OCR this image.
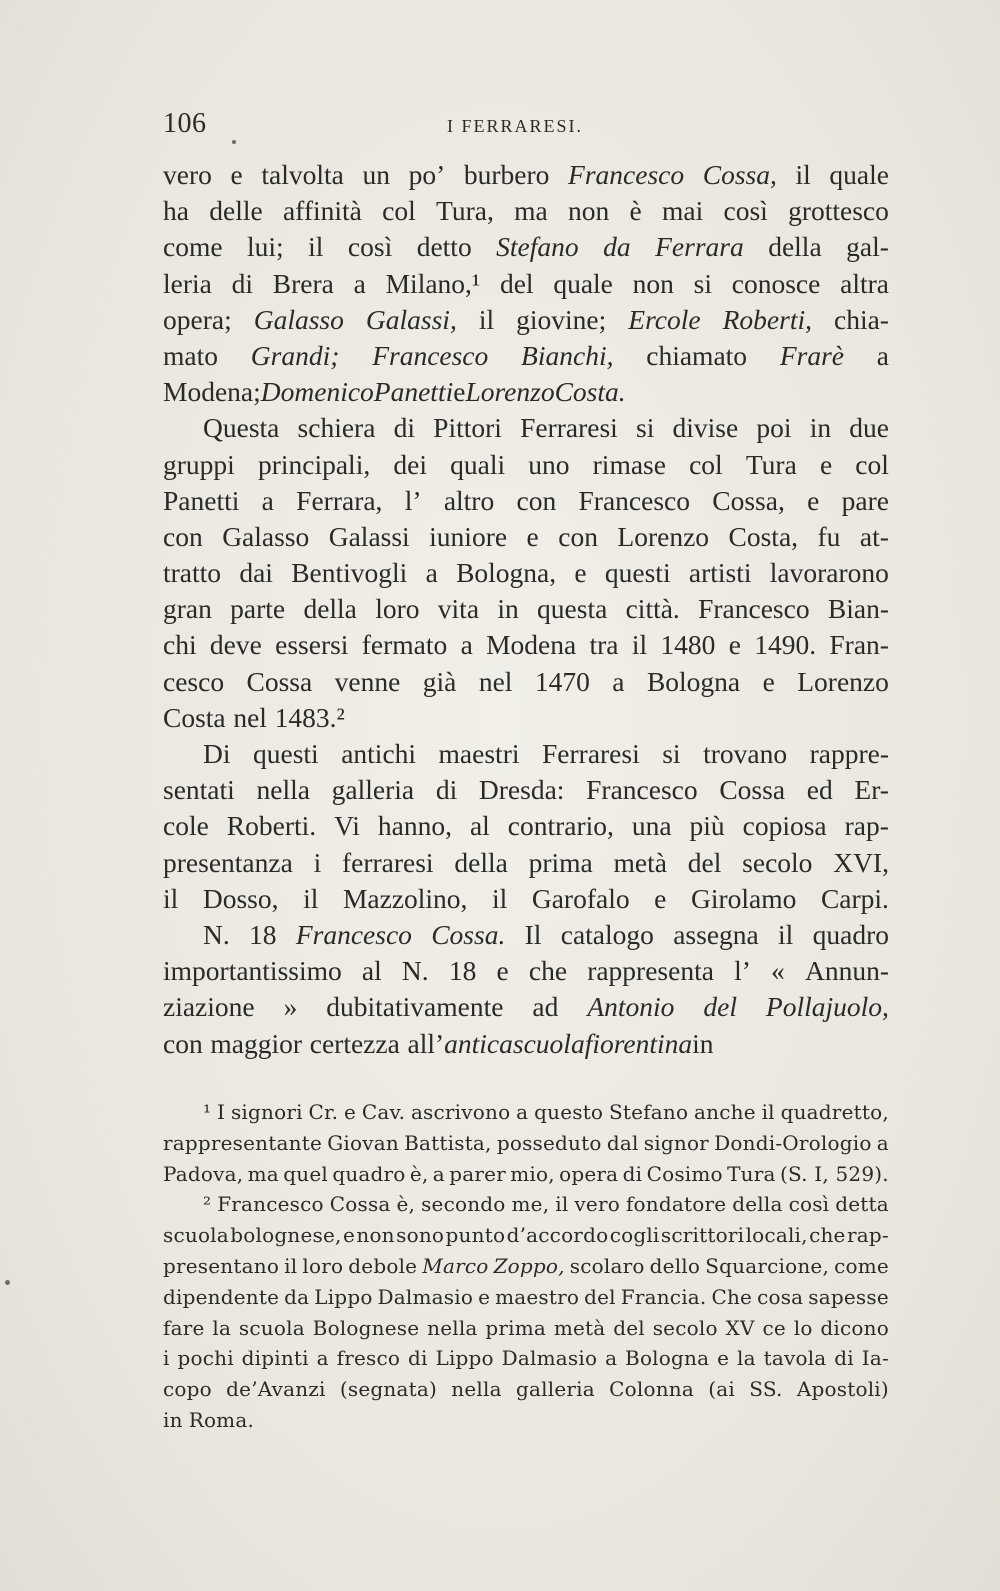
106	I FERRARESI.
vero e talvolta un po’ burbero Francesco Cossa, il quale
ha delle affinità col Tura, ma non è mai così grottesco
come lui; il così detto Stefano da Ferrara della gal-
leria di Brera a Milano,¹ del quale non si conosce altra
opera; Galasso Galassi, il giovine; Ercole Roberti, chia-
mato Grandi; Francesco Bianchi, chiamato Frarè a
Modena; Domenico Panetti e Lorenzo Costa.
Questa schiera di Pittori Ferraresi si divise poi in due
gruppi principali, dei quali uno rimase col Tura e col
Panetti a Ferrara, l’ altro con Francesco Cossa, e pare
con Galasso Galassi iuniore e con Lorenzo Costa, fu at-
tratto dai Bentivogli a Bologna, e questi artisti lavorarono
gran parte della loro vita in questa città. Francesco Bian-
chi deve essersi fermato a Modena tra il 1480 e 1490. Fran-
cesco Cossa venne già nel 1470 a Bologna e Lorenzo
Costa nel 1483.²
Di questi antichi maestri Ferraresi si trovano rappre-
sentati nella galleria di Dresda: Francesco Cossa ed Er-
cole Roberti. Vi hanno, al contrario, una più copiosa rap-
presentanza i ferraresi della prima metà del secolo XVI,
il Dosso, il Mazzolino, il Garofalo e Girolamo Carpi.
N. 18 Francesco Cossa. Il catalogo assegna il quadro
importantissimo al N. 18 e che rappresenta l’ « Annun-
ziazione » dubitativamente ad Antonio del Pollajuolo,
con maggior certezza all’ antica scuola fiorentina in
¹ I signori Cr. e Cav. ascrivono a questo Stefano anche il quadretto,
rappresentante Giovan Battista, posseduto dal signor Dondi-Orologio a
Padova, ma quel quadro è, a parer mio, opera di Cosimo Tura (S. I, 529).
² Francesco Cossa è, secondo me, il vero fondatore della così detta
scuola bolognese, e non sono punto d’accordo cogli scrittori locali, che rap-
presentano il loro debole Marco Zoppo, scolaro dello Squarcione, come
dipendente da Lippo Dalmasio e maestro del Francia. Che cosa sapesse
fare la scuola Bolognese nella prima metà del secolo XV ce lo dicono
i pochi dipinti a fresco di Lippo Dalmasio a Bologna e la tavola di Ia-
copo de’Avanzi (segnata) nella galleria Colonna (ai SS. Apostoli)
in Roma.
